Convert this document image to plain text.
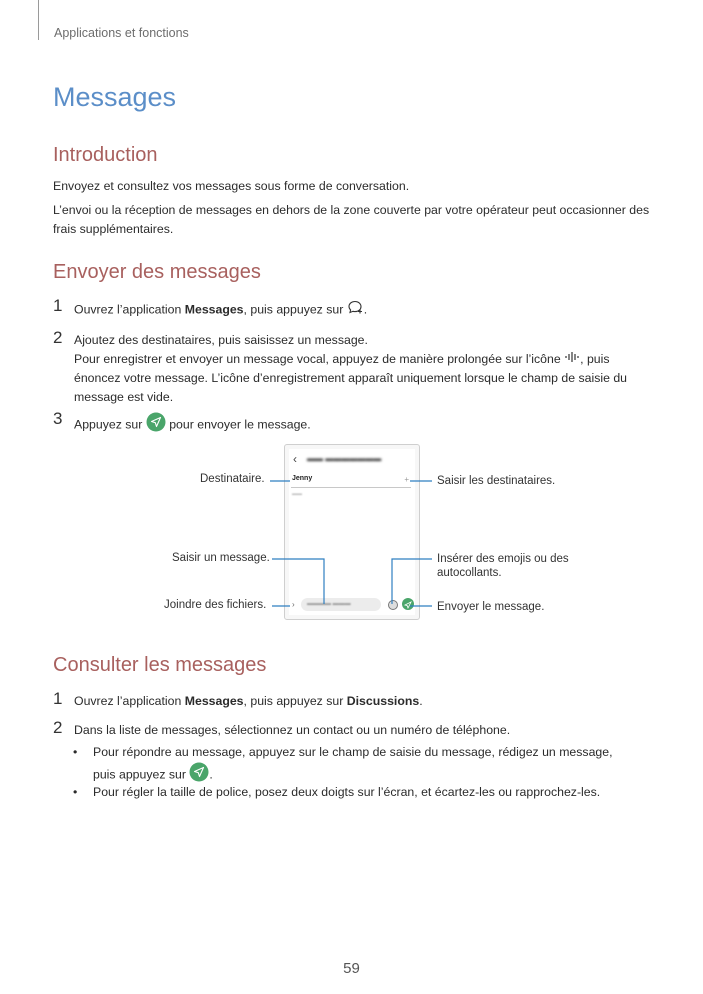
Applications et fonctions
Messages
Introduction

Envoyez et consultez vos messages sous forme de conversation.

L’envoi ou la réception de messages en dehors de la zone couverte par votre opérateur peut occasionner des frais supplémentaires.

Envoyer des messages
1 Ouvrez l’application Messages, puis appuyez sur .
2 Ajoutez des destinataires, puis saisissez un message.
Pour enregistrer et envoyer un message vocal, appuyez de manière prolongée sur l’icône , puis énoncez votre message. L’icône d’enregistrement apparaît uniquement lorsque le champ de saisie du message est vide.
3 Appuyez sur  pour envoyer le message.
‹ ▬▬ ▬▬▬▬▬▬▬
Jenny	+
▬▬
› ▬▬▬▬ ▬▬▬
Destinataire.
Saisir un message.
Joindre des fichiers.
Saisir les destinataires.
Insérer des emojis ou des autocollants.
Envoyer le message.
Consulter les messages
1 Ouvrez l’application Messages, puis appuyez sur Discussions.
2 Dans la liste de messages, sélectionnez un contact ou un numéro de téléphone.
• Pour répondre au message, appuyez sur le champ de saisie du message, rédigez un message, puis appuyez sur .
• Pour régler la taille de police, posez deux doigts sur l’écran, et écartez-les ou rapprochez-les.
59
